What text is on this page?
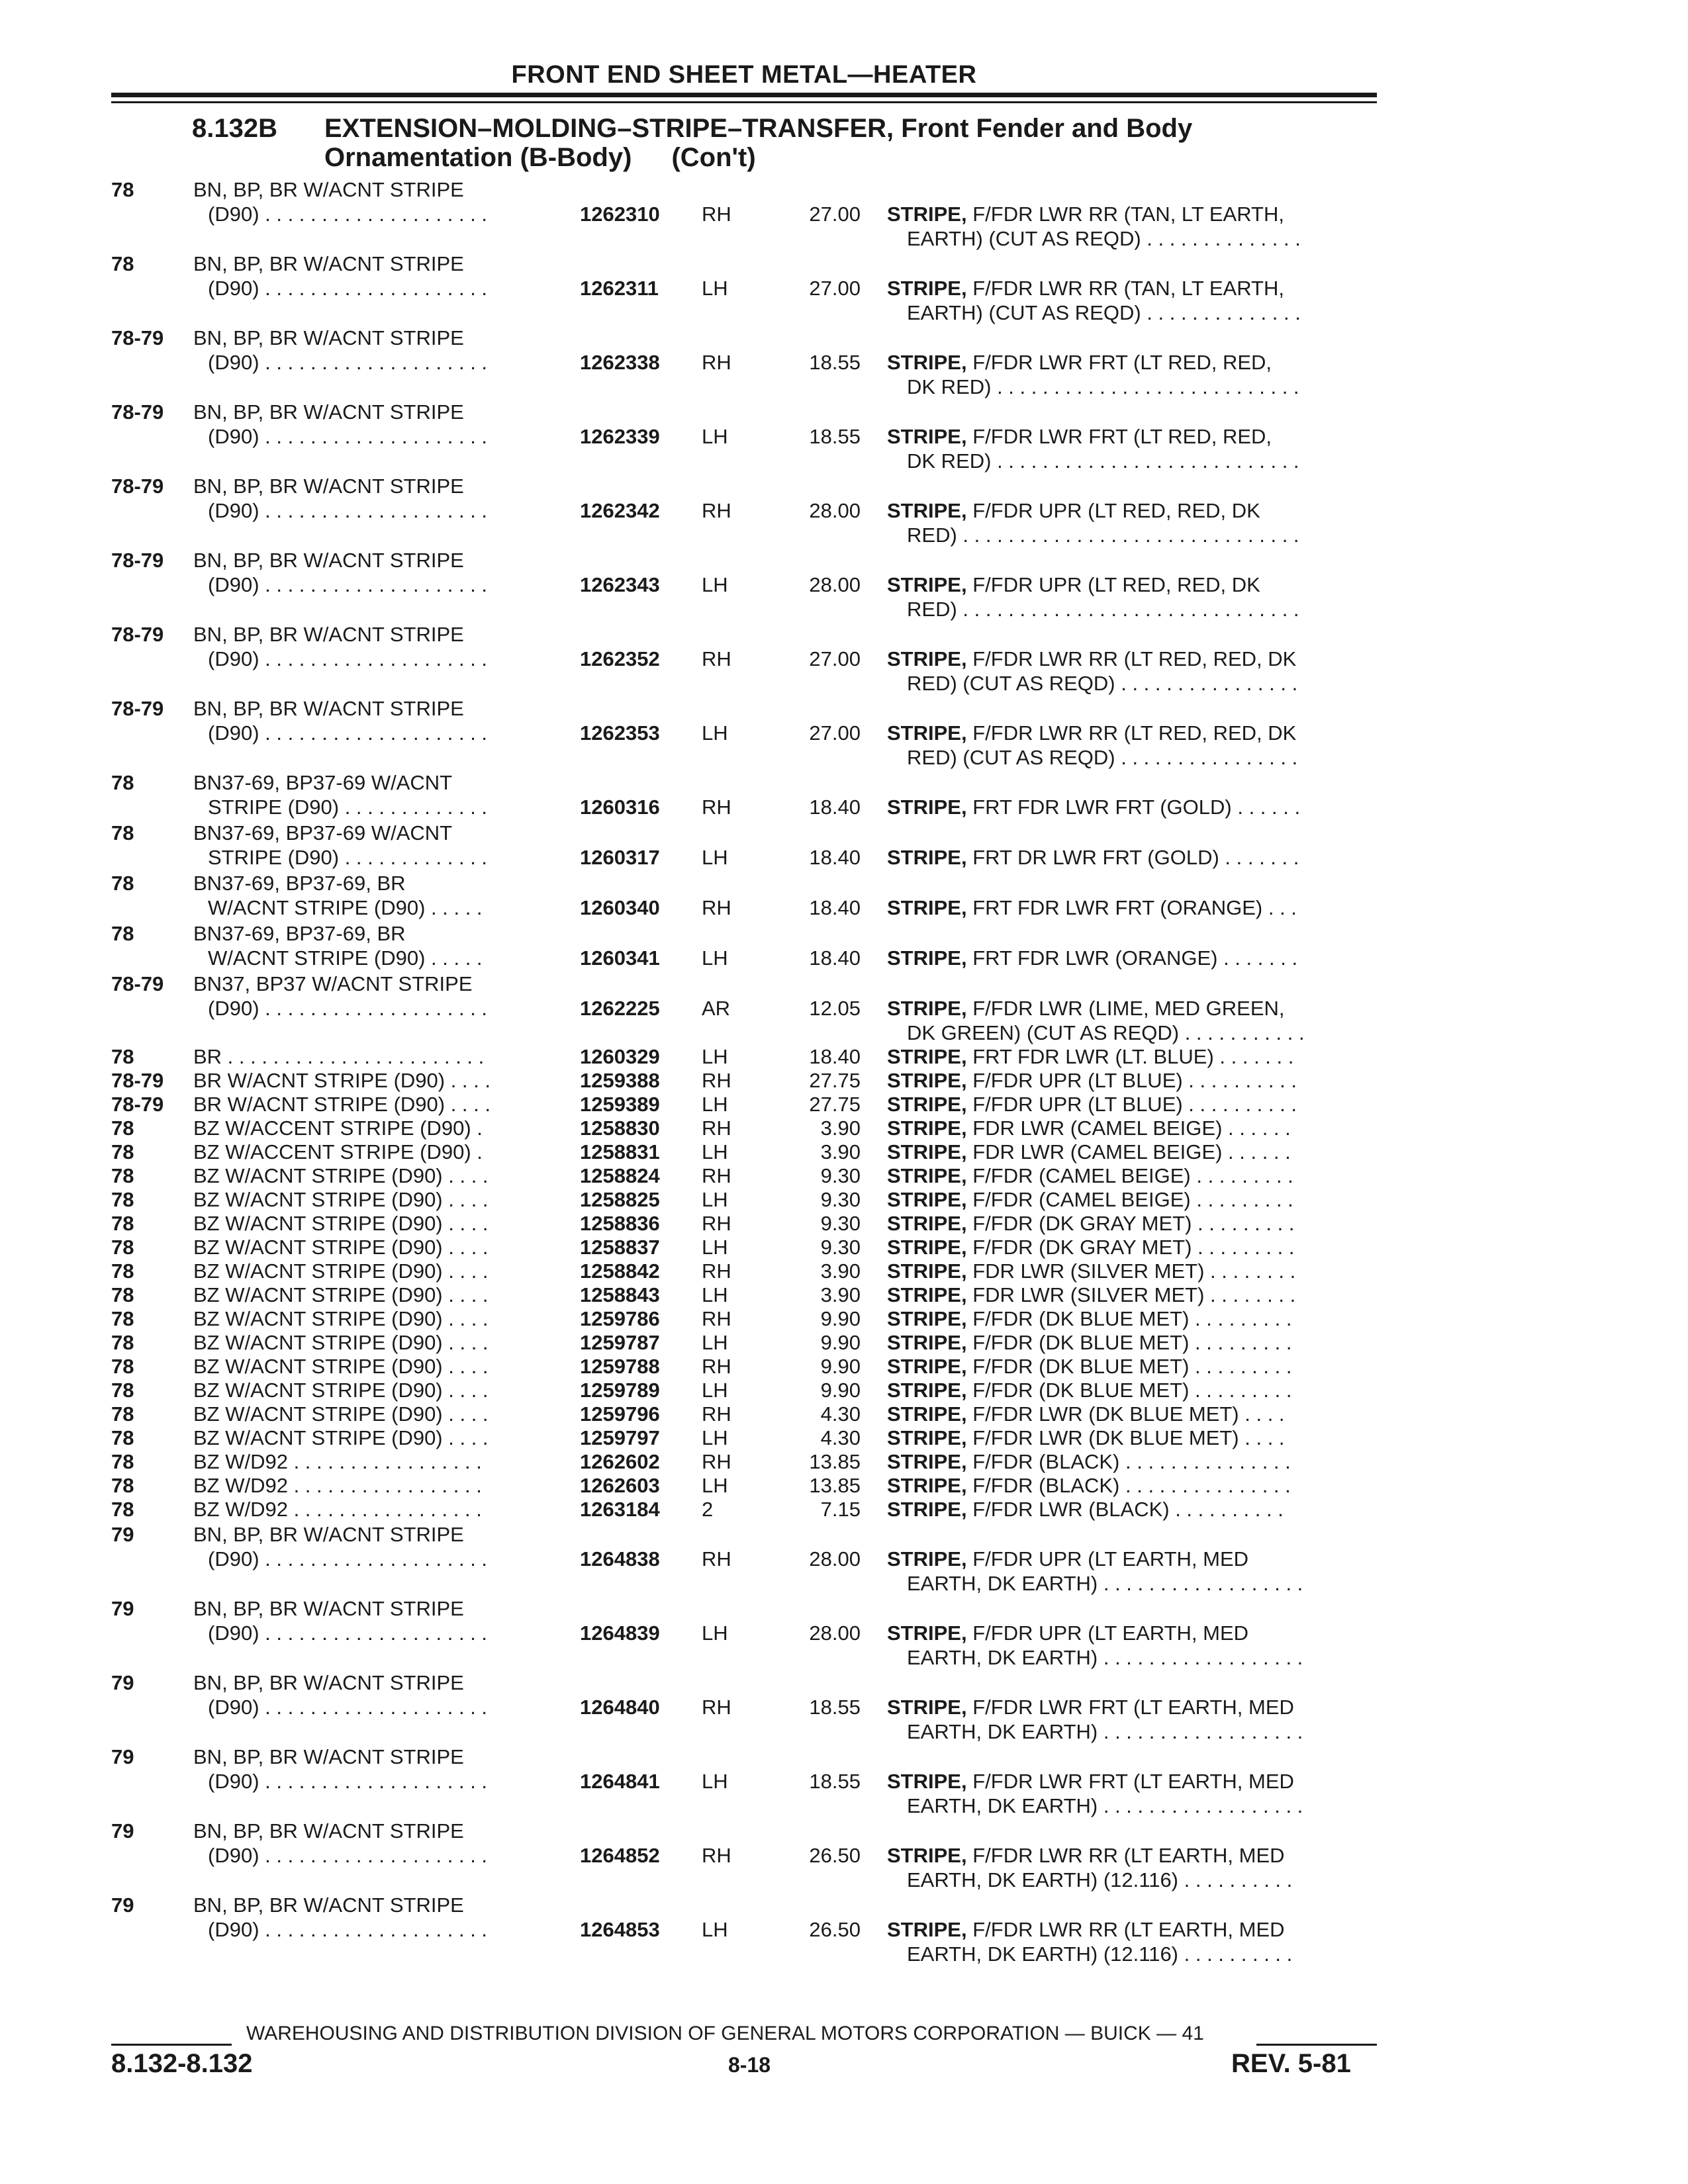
FRONT END SHEET METAL—HEATER
8.132B EXTENSION–MOLDING–STRIPE–TRANSFER, Front Fender and Body
Ornamentation (B-Body) (Con't)
78	BN, BP, BR W/ACNT STRIPE
(D90) . . . . . . . . . . . . . . . . . . . .	1262310	RH	27.00 STRIPE, F/FDR LWR RR (TAN, LT EARTH,
EARTH) (CUT AS REQD) . . . . . . . . . . . . . .
78	BN, BP, BR W/ACNT STRIPE
(D90) . . . . . . . . . . . . . . . . . . . .	1262311	LH	27.00 STRIPE, F/FDR LWR RR (TAN, LT EARTH,
EARTH) (CUT AS REQD) . . . . . . . . . . . . . .
78-79	BN, BP, BR W/ACNT STRIPE
(D90) . . . . . . . . . . . . . . . . . . . .	1262338	RH	18.55 STRIPE, F/FDR LWR FRT (LT RED, RED,
DK RED) . . . . . . . . . . . . . . . . . . . . . . . . . . .
78-79	BN, BP, BR W/ACNT STRIPE
(D90) . . . . . . . . . . . . . . . . . . . .	1262339	LH	18.55 STRIPE, F/FDR LWR FRT (LT RED, RED,
DK RED) . . . . . . . . . . . . . . . . . . . . . . . . . . .
78-79	BN, BP, BR W/ACNT STRIPE
(D90) . . . . . . . . . . . . . . . . . . . .	1262342	RH	28.00 STRIPE, F/FDR UPR (LT RED, RED, DK
RED) . . . . . . . . . . . . . . . . . . . . . . . . . . . . . .
78-79	BN, BP, BR W/ACNT STRIPE
(D90) . . . . . . . . . . . . . . . . . . . .	1262343	LH	28.00 STRIPE, F/FDR UPR (LT RED, RED, DK
RED) . . . . . . . . . . . . . . . . . . . . . . . . . . . . . .
78-79	BN, BP, BR W/ACNT STRIPE
(D90) . . . . . . . . . . . . . . . . . . . .	1262352	RH	27.00 STRIPE, F/FDR LWR RR (LT RED, RED, DK
RED) (CUT AS REQD) . . . . . . . . . . . . . . . .
78-79	BN, BP, BR W/ACNT STRIPE
(D90) . . . . . . . . . . . . . . . . . . . .	1262353	LH	27.00 STRIPE, F/FDR LWR RR (LT RED, RED, DK
RED) (CUT AS REQD) . . . . . . . . . . . . . . . .
78	BN37-69, BP37-69 W/ACNT
STRIPE (D90) . . . . . . . . . . . . .	1260316	RH	18.40 STRIPE, FRT FDR LWR FRT (GOLD) . . . . . .
78	BN37-69, BP37-69 W/ACNT
STRIPE (D90) . . . . . . . . . . . . .	1260317	LH	18.40 STRIPE, FRT DR LWR FRT (GOLD) . . . . . . .
78	BN37-69, BP37-69, BR
W/ACNT STRIPE (D90) . . . . .	1260340	RH	18.40 STRIPE, FRT FDR LWR FRT (ORANGE) . . .
78	BN37-69, BP37-69, BR
W/ACNT STRIPE (D90) . . . . .	1260341	LH	18.40 STRIPE, FRT FDR LWR (ORANGE) . . . . . . .
78-79	BN37, BP37 W/ACNT STRIPE
(D90) . . . . . . . . . . . . . . . . . . . .	1262225	AR	12.05 STRIPE, F/FDR LWR (LIME, MED GREEN,
DK GREEN) (CUT AS REQD) . . . . . . . . . . .
78	BR . . . . . . . . . . . . . . . . . . . . . . .	1260329	LH	18.40 STRIPE, FRT FDR LWR (LT. BLUE) . . . . . . .
78-79	BR W/ACNT STRIPE (D90) . . . .	1259388	RH	27.75 STRIPE, F/FDR UPR (LT BLUE) . . . . . . . . . .
78-79	BR W/ACNT STRIPE (D90) . . . .	1259389	LH	27.75 STRIPE, F/FDR UPR (LT BLUE) . . . . . . . . . .
78	BZ W/ACCENT STRIPE (D90) .	1258830	RH	3.90 STRIPE, FDR LWR (CAMEL BEIGE) . . . . . .
78	BZ W/ACCENT STRIPE (D90) .	1258831	LH	3.90 STRIPE, FDR LWR (CAMEL BEIGE) . . . . . .
78	BZ W/ACNT STRIPE (D90) . . . .	1258824	RH	9.30 STRIPE, F/FDR (CAMEL BEIGE) . . . . . . . . .
78	BZ W/ACNT STRIPE (D90) . . . .	1258825	LH	9.30 STRIPE, F/FDR (CAMEL BEIGE) . . . . . . . . .
78	BZ W/ACNT STRIPE (D90) . . . .	1258836	RH	9.30 STRIPE, F/FDR (DK GRAY MET) . . . . . . . . .
78	BZ W/ACNT STRIPE (D90) . . . .	1258837	LH	9.30 STRIPE, F/FDR (DK GRAY MET) . . . . . . . . .
78	BZ W/ACNT STRIPE (D90) . . . .	1258842	RH	3.90 STRIPE, FDR LWR (SILVER MET) . . . . . . . .
78	BZ W/ACNT STRIPE (D90) . . . .	1258843	LH	3.90 STRIPE, FDR LWR (SILVER MET) . . . . . . . .
78	BZ W/ACNT STRIPE (D90) . . . .	1259786	RH	9.90 STRIPE, F/FDR (DK BLUE MET) . . . . . . . . .
78	BZ W/ACNT STRIPE (D90) . . . .	1259787	LH	9.90 STRIPE, F/FDR (DK BLUE MET) . . . . . . . . .
78	BZ W/ACNT STRIPE (D90) . . . .	1259788	RH	9.90 STRIPE, F/FDR (DK BLUE MET) . . . . . . . . .
78	BZ W/ACNT STRIPE (D90) . . . .	1259789	LH	9.90 STRIPE, F/FDR (DK BLUE MET) . . . . . . . . .
78	BZ W/ACNT STRIPE (D90) . . . .	1259796	RH	4.30 STRIPE, F/FDR LWR (DK BLUE MET) . . . .
78	BZ W/ACNT STRIPE (D90) . . . .	1259797	LH	4.30 STRIPE, F/FDR LWR (DK BLUE MET) . . . .
78	BZ W/D92 . . . . . . . . . . . . . . . . .	1262602	RH	13.85 STRIPE, F/FDR (BLACK) . . . . . . . . . . . . . . .
78	BZ W/D92 . . . . . . . . . . . . . . . . .	1262603	LH	13.85 STRIPE, F/FDR (BLACK) . . . . . . . . . . . . . . .
78	BZ W/D92 . . . . . . . . . . . . . . . . .	1263184	2	7.15 STRIPE, F/FDR LWR (BLACK) . . . . . . . . . .
79	BN, BP, BR W/ACNT STRIPE
(D90) . . . . . . . . . . . . . . . . . . . .	1264838	RH	28.00 STRIPE, F/FDR UPR (LT EARTH, MED
EARTH, DK EARTH) . . . . . . . . . . . . . . . . . .
79	BN, BP, BR W/ACNT STRIPE
(D90) . . . . . . . . . . . . . . . . . . . .	1264839	LH	28.00 STRIPE, F/FDR UPR (LT EARTH, MED
EARTH, DK EARTH) . . . . . . . . . . . . . . . . . .
79	BN, BP, BR W/ACNT STRIPE
(D90) . . . . . . . . . . . . . . . . . . . .	1264840	RH	18.55 STRIPE, F/FDR LWR FRT (LT EARTH, MED
EARTH, DK EARTH) . . . . . . . . . . . . . . . . . .
79	BN, BP, BR W/ACNT STRIPE
(D90) . . . . . . . . . . . . . . . . . . . .	1264841	LH	18.55 STRIPE, F/FDR LWR FRT (LT EARTH, MED
EARTH, DK EARTH) . . . . . . . . . . . . . . . . . .
79	BN, BP, BR W/ACNT STRIPE
(D90) . . . . . . . . . . . . . . . . . . . .	1264852	RH	26.50 STRIPE, F/FDR LWR RR (LT EARTH, MED
EARTH, DK EARTH) (12.116) . . . . . . . . . .
79	BN, BP, BR W/ACNT STRIPE
(D90) . . . . . . . . . . . . . . . . . . . .	1264853	LH	26.50 STRIPE, F/FDR LWR RR (LT EARTH, MED
EARTH, DK EARTH) (12.116) . . . . . . . . . .
WAREHOUSING AND DISTRIBUTION DIVISION OF GENERAL MOTORS CORPORATION — BUICK — 41
8.132-8.132	8-18	REV. 5-81
